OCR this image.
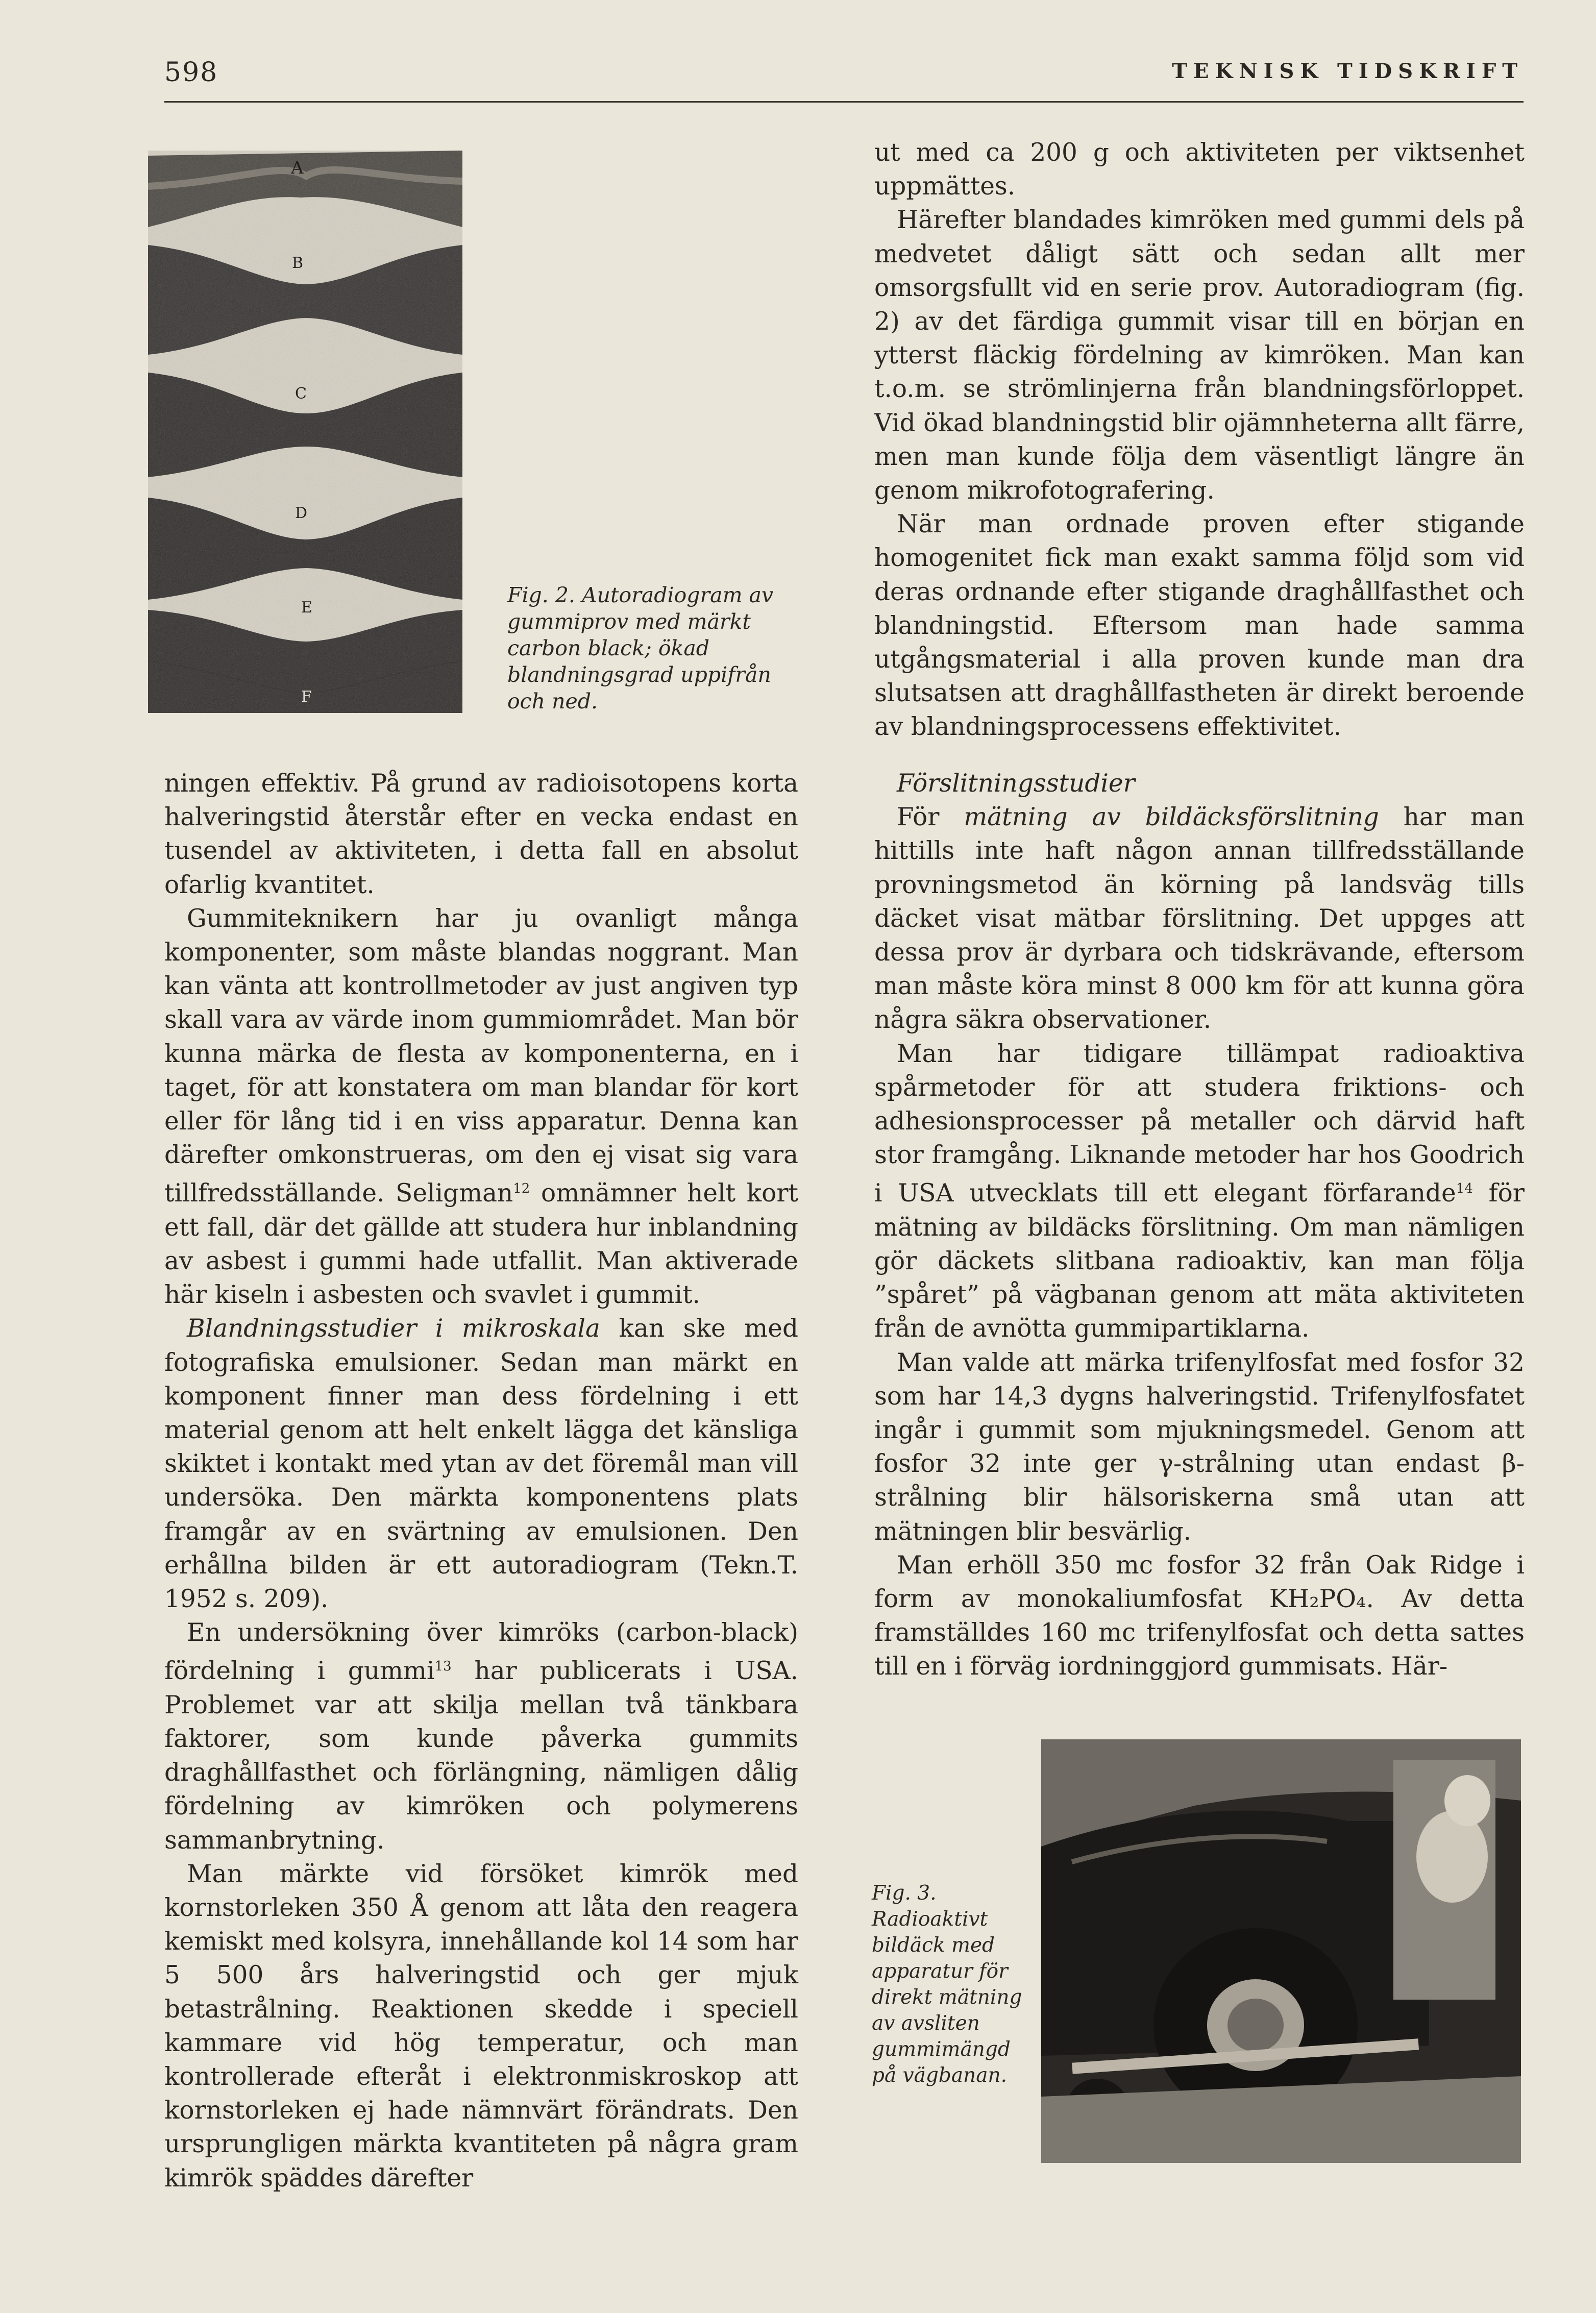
598	TEKNISK TIDSKRIFT
A
B
C
D
E
F
Fig. 2. Autoradiogram av gummiprov med märkt carbon black; ökad blandningsgrad uppifrån och ned.

ningen effektiv. På grund av radioisotopens korta halveringstid återstår efter en vecka endast en tusendel av aktiviteten, i detta fall en absolut ofarlig kvantitet.

Gummiteknikern har ju ovanligt många komponenter, som måste blandas noggrant. Man kan vänta att kontrollmetoder av just angiven typ skall vara av värde inom gummiområdet. Man bör kunna märka de flesta av komponenterna, en i taget, för att konstatera om man blandar för kort eller för lång tid i en viss apparatur. Denna kan därefter omkonstrueras, om den ej visat sig vara tillfredsställande. Seligman$^{12}$ omnämner helt kort ett fall, där det gällde att studera hur inblandning av asbest i gummi hade utfallit. Man aktiverade här kiseln i asbesten och svavlet i gummit.

Blandningsstudier i mikroskala kan ske med fotografiska emulsioner. Sedan man märkt en komponent finner man dess fördelning i ett material genom att helt enkelt lägga det känsliga skiktet i kontakt med ytan av det föremål man vill undersöka. Den märkta komponentens plats framgår av en svärtning av emulsionen. Den erhållna bilden är ett autoradiogram (Tekn.T. 1952 s. 209).

En undersökning över kimröks (carbon-black) fördelning i gummi$^{13}$ har publicerats i USA. Problemet var att skilja mellan två tänkbara faktorer, som kunde påverka gummits draghållfasthet och förlängning, nämligen dålig fördelning av kimröken och polymerens sammanbrytning.

Man märkte vid försöket kimrök med kornstorleken 350 Å genom att låta den reagera kemiskt med kolsyra, innehållande kol 14 som har 5 500 års halveringstid och ger mjuk betastrålning. Reaktionen skedde i speciell kammare vid hög temperatur, och man kontrollerade efteråt i elektronmiskroskop att kornstorleken ej hade nämnvärt förändrats. Den ursprungligen märkta kvantiteten på några gram kimrök späddes därefter

ut med ca 200 g och aktiviteten per viktsenhet uppmättes.

Härefter blandades kimröken med gummi dels på medvetet dåligt sätt och sedan allt mer omsorgsfullt vid en serie prov. Autoradiogram (fig. 2) av det färdiga gummit visar till en början en ytterst fläckig fördelning av kimröken. Man kan t.o.m. se strömlinjerna från blandningsförloppet. Vid ökad blandningstid blir ojämnheterna allt färre, men man kunde följa dem väsentligt längre än genom mikrofotografering.

När man ordnade proven efter stigande homogenitet fick man exakt samma följd som vid deras ordnande efter stigande draghållfasthet och blandningstid. Eftersom man hade samma utgångsmaterial i alla proven kunde man dra slutsatsen att draghållfastheten är direkt beroende av blandningsprocessens effektivitet.

Förslitningsstudier

För mätning av bildäcksförslitning har man hittills inte haft någon annan tillfredsställande provningsmetod än körning på landsväg tills däcket visat mätbar förslitning. Det uppges att dessa prov är dyrbara och tidskrävande, eftersom man måste köra minst 8 000 km för att kunna göra några säkra observationer.

Man har tidigare tillämpat radioaktiva spårmetoder för att studera friktions- och adhesionsprocesser på metaller och därvid haft stor framgång. Liknande metoder har hos Goodrich i USA utvecklats till ett elegant förfarande$^{14}$ för mätning av bildäcks förslitning. Om man nämligen gör däckets slitbana radioaktiv, kan man följa ”spåret” på vägbanan genom att mäta aktiviteten från de avnötta gummipartiklarna.

Man valde att märka trifenylfosfat med fosfor 32 som har 14,3 dygns halveringstid. Trifenylfosfatet ingår i gummit som mjukningsmedel. Genom att fosfor 32 inte ger γ-strålning utan endast β-strålning blir hälsoriskerna små utan att mätningen blir besvärlig.

Man erhöll 350 mc fosfor 32 från Oak Ridge i form av monokaliumfosfat KH₂PO₄. Av detta framställdes 160 mc trifenylfosfat och detta sattes till en i förväg iordninggjord gummisats. Här-

Fig. 3. Radioaktivt bildäck med apparatur för direkt mätning av avsliten gummimängd på vägbanan.
